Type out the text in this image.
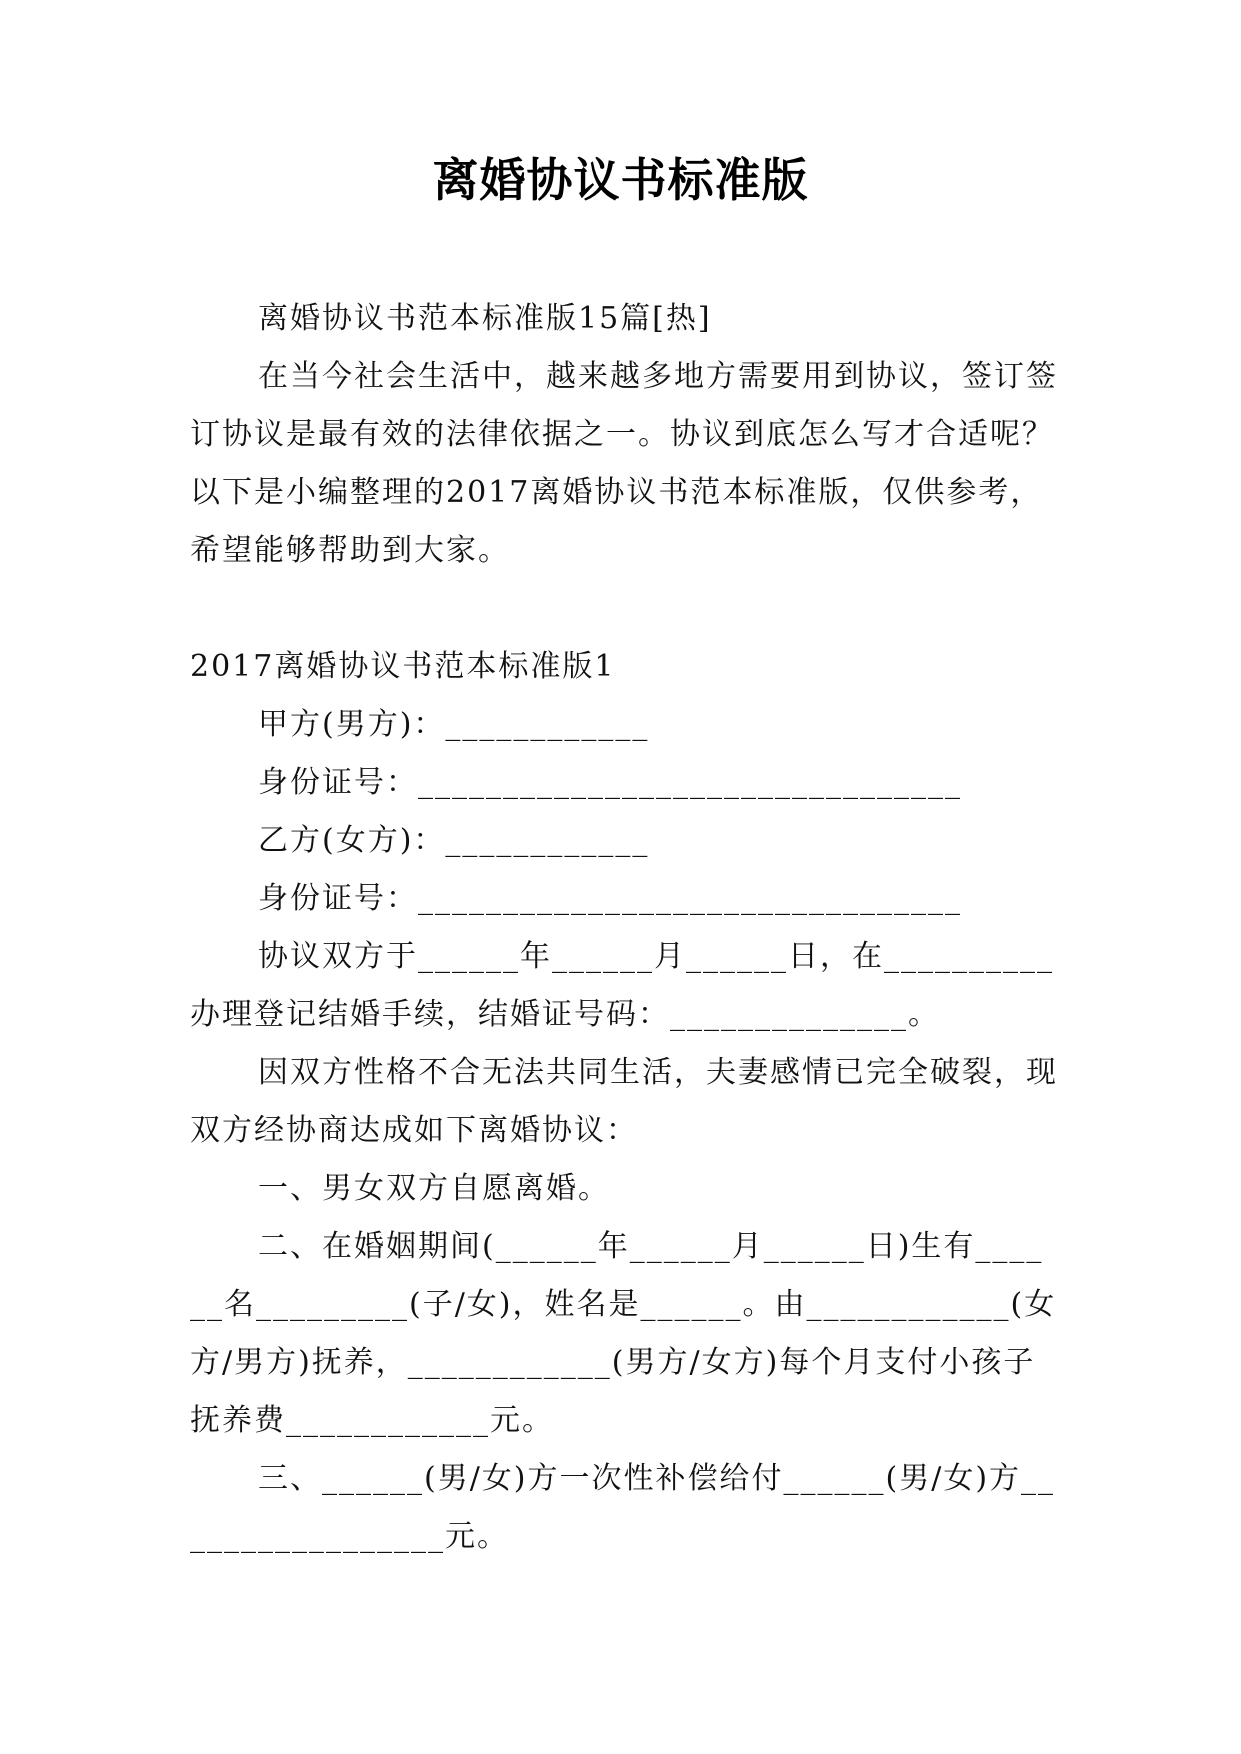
离婚协议书标准版

离婚协议书范本标准版15篇[热]

在当今社会生活中，越来越多地方需要用到协议，签订签订协议是最有效的法律依据之一。协议到底怎么写才合适呢？以下是小编整理的2017离婚协议书范本标准版，仅供参考，希望能够帮助到大家。

2017离婚协议书范本标准版1

甲方(男方)：____________

身份证号：________________________________

乙方(女方)：____________

身份证号：________________________________

协议双方于______年______月______日，在__________办理登记结婚手续，结婚证号码：______________。

因双方性格不合无法共同生活，夫妻感情已完全破裂，现双方经协商达成如下离婚协议：

一、男女双方自愿离婚。

二、在婚姻期间(______年______月______日)生有______名_________(子/女)，姓名是______。由____________(女方/男方)抚养，____________(男方/女方)每个月支付小孩子抚养费____________元。

三、______(男/女)方一次性补偿给付______(男/女)方_________________元。
